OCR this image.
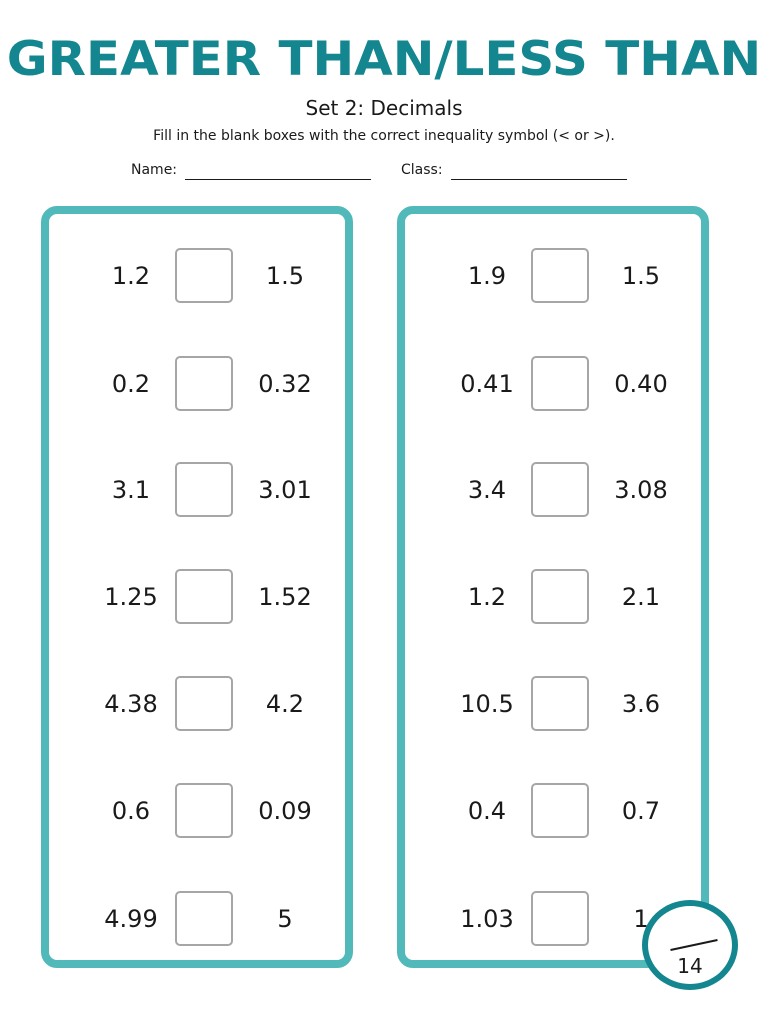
GREATER THAN/LESS THAN
Set 2: Decimals
Fill in the blank boxes with the correct inequality symbol (< or >).
Name:	Class:
1.2	1.5
0.2	0.32
3.1	3.01
1.25	1.52
4.38	4.2
0.6	0.09
4.99	5
1.9	1.5
0.41	0.40
3.4	3.08
1.2	2.1
10.5	3.6
0.4	0.7
1.03	1
14
